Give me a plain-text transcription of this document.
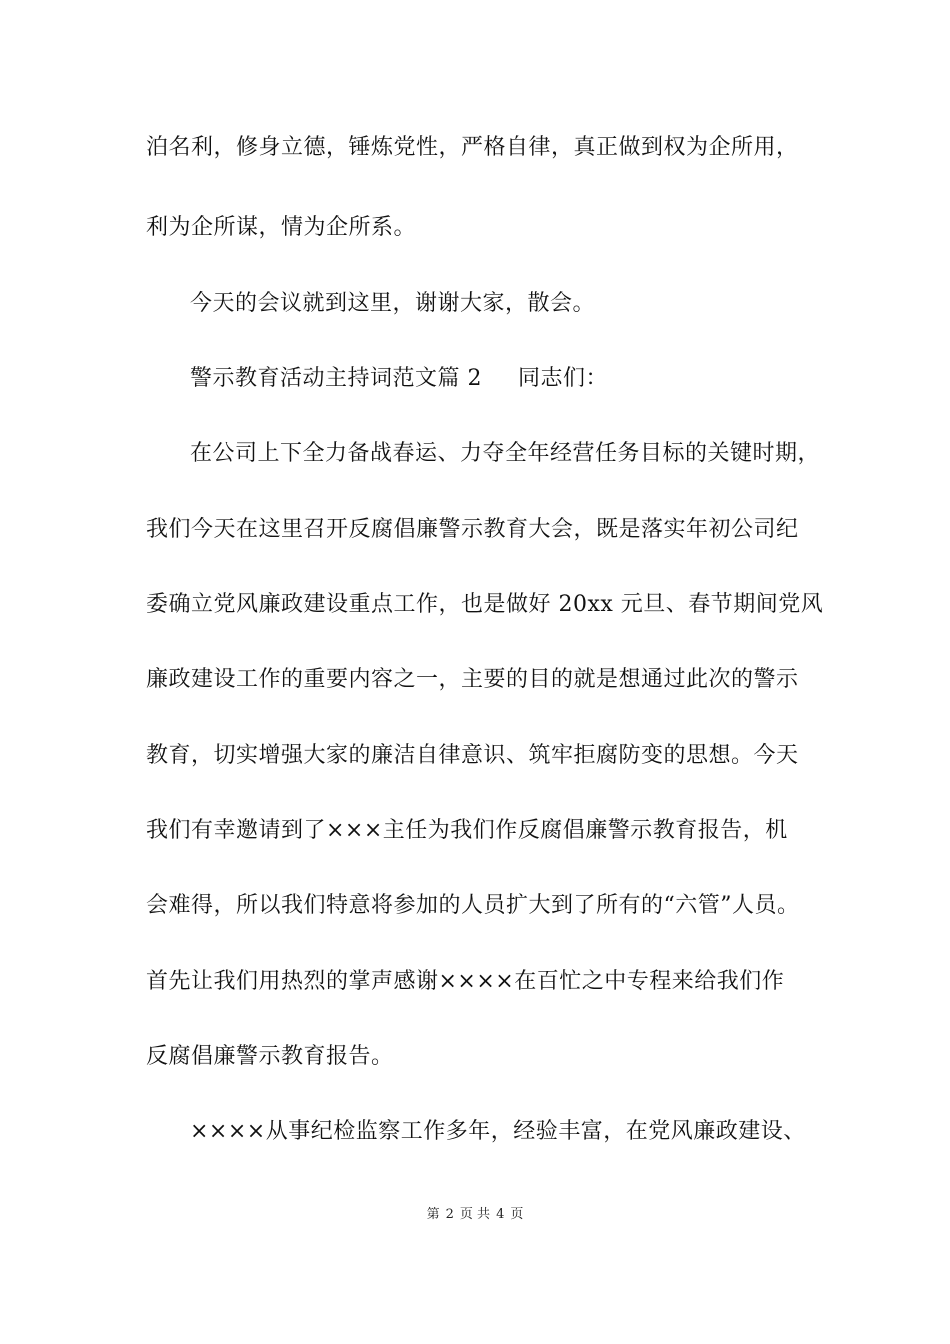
泊名利，修身立德，锤炼党性，严格自律，真正做到权为企所用，
利为企所谋，情为企所系。
今天的会议就到这里，谢谢大家，散会。
警示教育活动主持词范文篇 2 同志们：
在公司上下全力备战春运、力夺全年经营任务目标的关键时期，
我们今天在这里召开反腐倡廉警示教育大会，既是落实年初公司纪
委确立党风廉政建设重点工作，也是做好 20xx 元旦、春节期间党风
廉政建设工作的重要内容之一，主要的目的就是想通过此次的警示
教育，切实增强大家的廉洁自律意识、筑牢拒腐防变的思想。今天
我们有幸邀请到了×××主任为我们作反腐倡廉警示教育报告，机
会难得，所以我们特意将参加的人员扩大到了所有的“六管”人员。
首先让我们用热烈的掌声感谢××××在百忙之中专程来给我们作
反腐倡廉警示教育报告。
××××从事纪检监察工作多年，经验丰富，在党风廉政建设、
第 2 页 共 4 页
